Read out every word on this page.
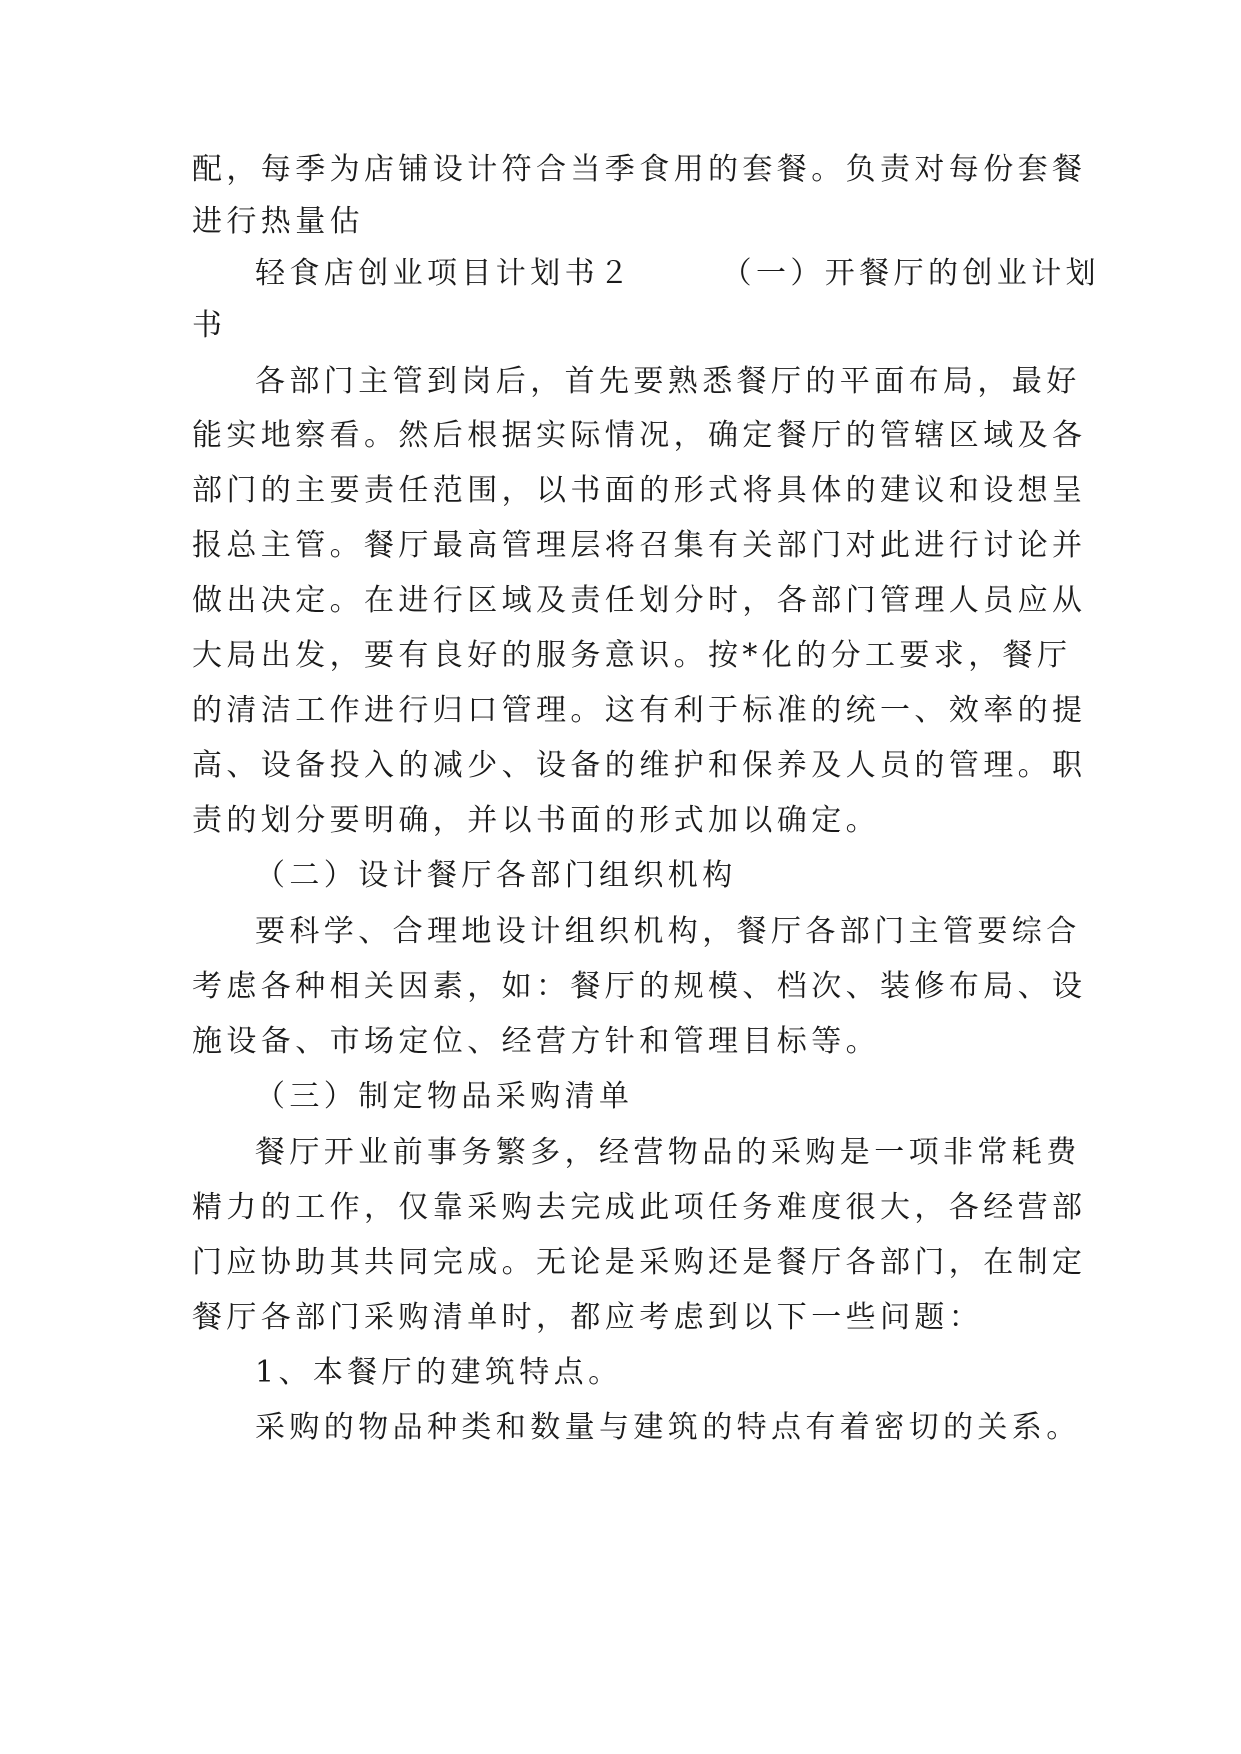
配，每季为店铺设计符合当季食用的套餐。负责对每份套餐
进行热量估
轻食店创业项目计划书２　　　（一）开餐厅的创业计划
书
各部门主管到岗后，首先要熟悉餐厅的平面布局，最好
能实地察看。然后根据实际情况，确定餐厅的管辖区域及各
部门的主要责任范围，以书面的形式将具体的建议和设想呈
报总主管。餐厅最高管理层将召集有关部门对此进行讨论并
做出决定。在进行区域及责任划分时，各部门管理人员应从
大局出发，要有良好的服务意识。按*化的分工要求，餐厅
的清洁工作进行归口管理。这有利于标准的统一、效率的提
高、设备投入的减少、设备的维护和保养及人员的管理。职
责的划分要明确，并以书面的形式加以确定。
（二）设计餐厅各部门组织机构
要科学、合理地设计组织机构，餐厅各部门主管要综合
考虑各种相关因素，如：餐厅的规模、档次、装修布局、设
施设备、市场定位、经营方针和管理目标等。
（三）制定物品采购清单
餐厅开业前事务繁多，经营物品的采购是一项非常耗费
精力的工作，仅靠采购去完成此项任务难度很大，各经营部
门应协助其共同完成。无论是采购还是餐厅各部门，在制定
餐厅各部门采购清单时，都应考虑到以下一些问题：
1、本餐厅的建筑特点。
采购的物品种类和数量与建筑的特点有着密切的关系。
